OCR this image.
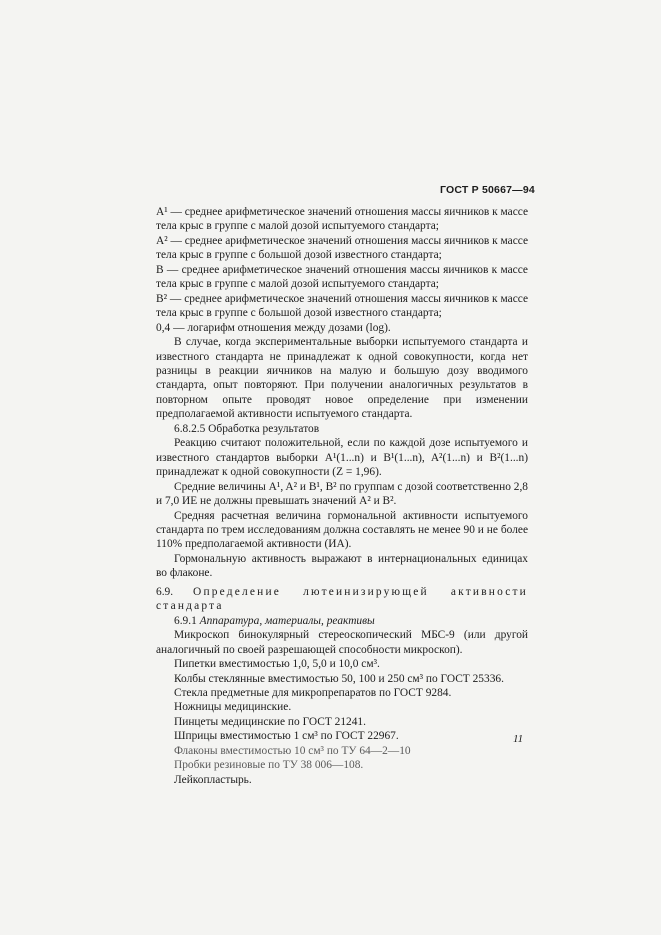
ГОСТ Р 50667—94

A¹ — среднее арифметическое значений отношения массы яичников к массе тела крыс в группе с малой дозой испытуемого стандарта;

A² — среднее арифметическое значений отношения массы яичников к массе тела крыс в группе с большой дозой известного стандарта;

B — среднее арифметическое значений отношения массы яичников к массе тела крыс в группе с малой дозой испытуемого стандарта;

B² — среднее арифметическое значений отношения массы яичников к массе тела крыс в группе с большой дозой известного стандарта;

0,4 — логарифм отношения между дозами (log).

В случае, когда экспериментальные выборки испытуемого стандарта и известного стандарта не принадлежат к одной совокупности, когда нет разницы в реакции яичников на малую и большую дозу вводимого стандарта, опыт повторяют. При получении аналогичных результатов в повторном опыте проводят новое определение при изменении предполагаемой активности испытуемого стандарта.

6.8.2.5 Обработка результатов

Реакцию считают положительной, если по каждой дозе испытуемого и известного стандартов выборки A¹(1...n) и B¹(1...n), A²(1...n) и B²(1...n) принадлежат к одной совокупности (Z = 1,96).

Средние величины A¹, A² и B¹, B² по группам с дозой соответственно 2,8 и 7,0 ИЕ не должны превышать значений A² и B².

Средняя расчетная величина гормональной активности испытуемого стандарта по трем исследованиям должна составлять не менее 90 и не более 110% предполагаемой активности (ИА).

Гормональную активность выражают в интернациональных единицах во флаконе.

6.9. Определение лютеинизирующей активности стандарта

6.9.1 Аппаратура, материалы, реактивы

Микроскоп бинокулярный стереоскопический МБС-9 (или другой аналогичный по своей разрешающей способности микроскоп).

Пипетки вместимостью 1,0, 5,0 и 10,0 см³.

Колбы стеклянные вместимостью 50, 100 и 250 см³ по ГОСТ 25336.

Стекла предметные для микропрепаратов по ГОСТ 9284.

Ножницы медицинские.

Пинцеты медицинские по ГОСТ 21241.

Шприцы вместимостью 1 см³ по ГОСТ 22967.

Флаконы вместимостью 10 см³ по ТУ 64—2—10

Пробки резиновые по ТУ 38 006—108.

Лейкопластырь.

11
